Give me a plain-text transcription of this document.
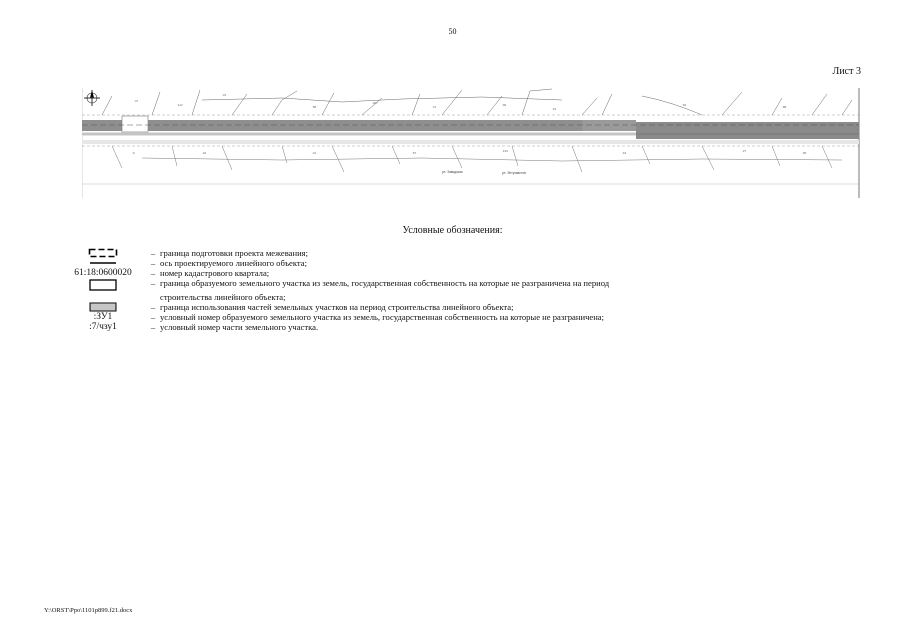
50
Лист 3
:47
:112
:31
:58
:207
:74	:96
:15
:63	:88
:9	:22	:41	:57	:133	:19	:27	:35
ул. Заводская	ул. Энтузиастов
Условные обозначения:
– граница подготовки проекта межевания;
– ось проектируемого линейного объекта;
61:18:0600020	– номер кадастрового квартала;
– граница образуемого земельного участка из земель, государственная собственность на которые не разграничена на период
строительства линейного объекта;
– граница использования частей земельных участков на период строительства линейного объекта;
:ЗУ1	– условный номер образуемого земельного участка из земель, государственная собственность на которые не разграничена;
:7/чзу1	– условный номер части земельного участка.
Y:\ORST\Ppo\1101p899.f21.docx
